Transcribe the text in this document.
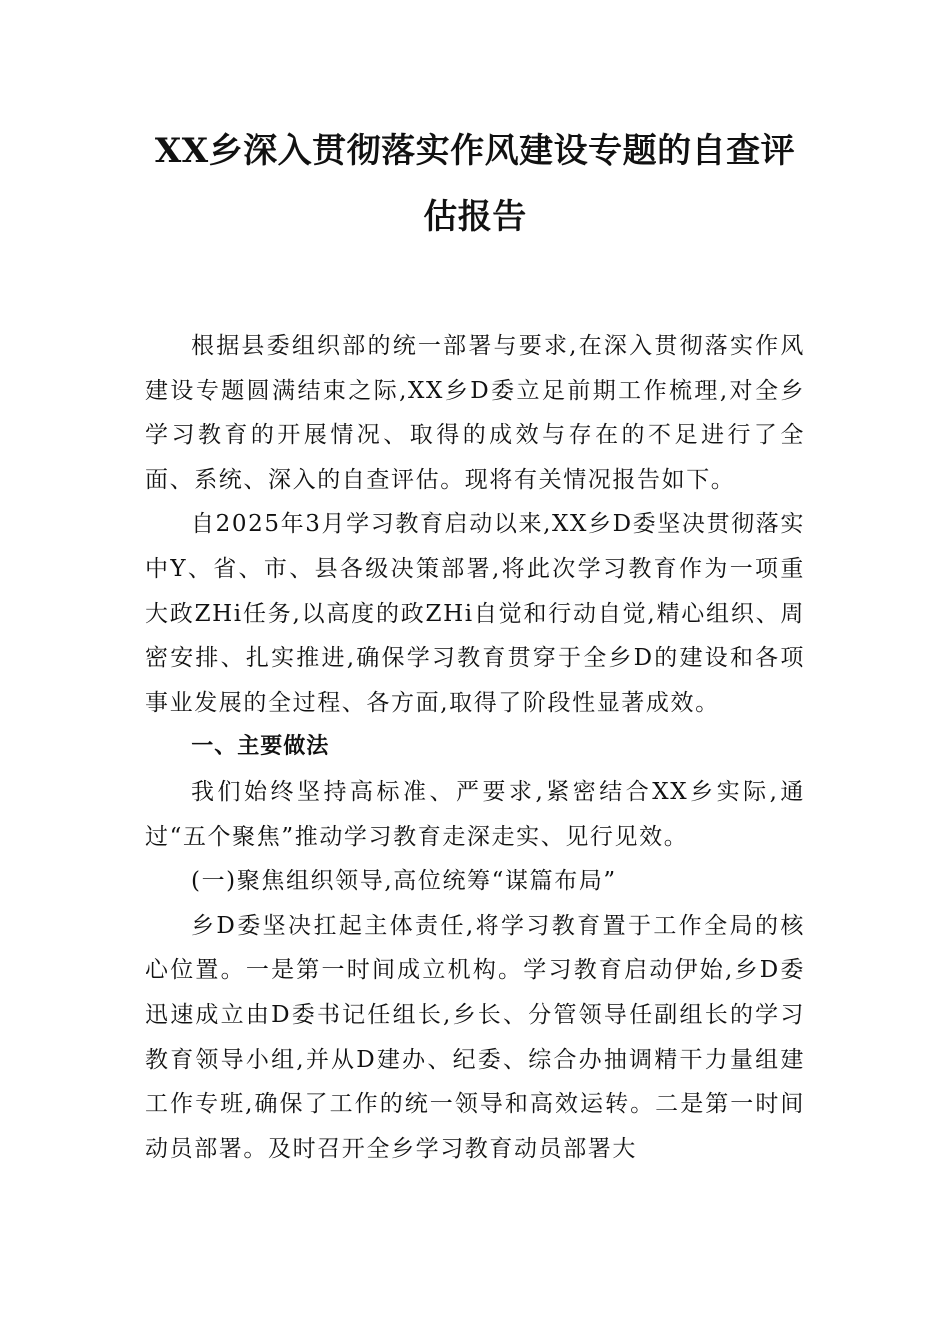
XX乡深入贯彻落实作风建设专题的自查评估报告

根据县委组织部的统一部署与要求,在深入贯彻落实作风建设专题圆满结束之际,XX乡D委立足前期工作梳理,对全乡学习教育的开展情况、取得的成效与存在的不足进行了全面、系统、深入的自查评估。现将有关情况报告如下。

自2025年3月学习教育启动以来,XX乡D委坚决贯彻落实中Y、省、市、县各级决策部署,将此次学习教育作为一项重大政ZHi任务,以高度的政ZHi自觉和行动自觉,精心组织、周密安排、扎实推进,确保学习教育贯穿于全乡D的建设和各项事业发展的全过程、各方面,取得了阶段性显著成效。

一、主要做法

我们始终坚持高标准、严要求,紧密结合XX乡实际,通过“五个聚焦”推动学习教育走深走实、见行见效。

(一)聚焦组织领导,高位统筹“谋篇布局”

乡D委坚决扛起主体责任,将学习教育置于工作全局的核心位置。一是第一时间成立机构。学习教育启动伊始,乡D委迅速成立由D委书记任组长,乡长、分管领导任副组长的学习教育领导小组,并从D建办、纪委、综合办抽调精干力量组建工作专班,确保了工作的统一领导和高效运转。二是第一时间动员部署。及时召开全乡学习教育动员部署大
